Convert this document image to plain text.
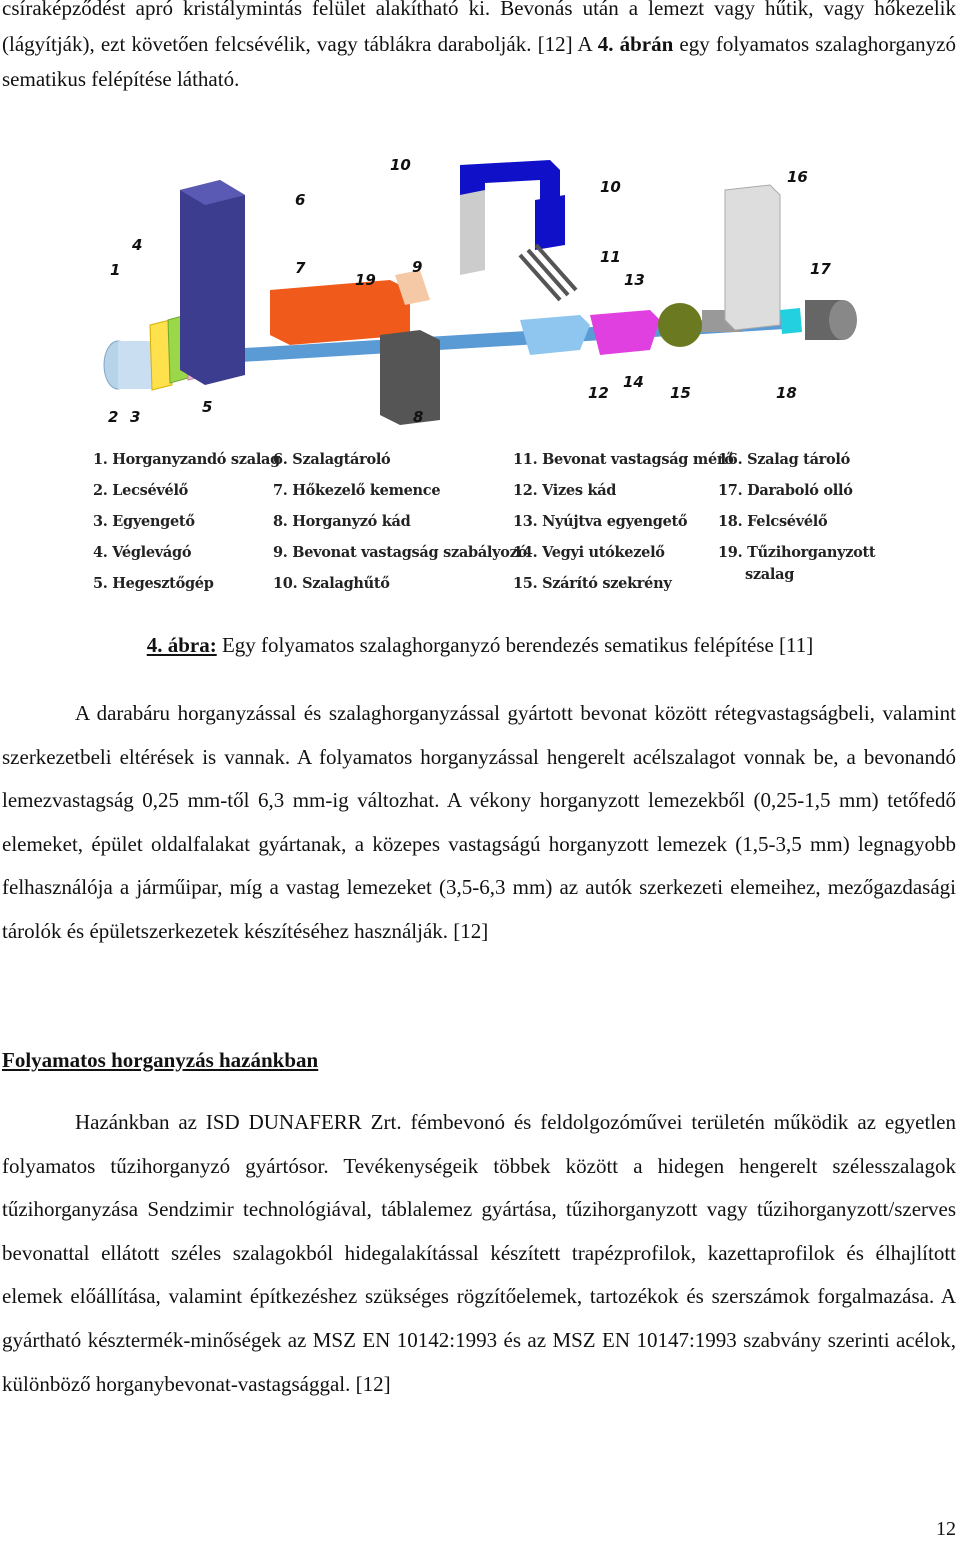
csíraképződést apró kristálymintás felület alakítható ki. Bevonás után a lemezt vagy hűtik, vagy hőkezelik (lágyítják), ezt követően felcsévélik, vagy táblákra darabolják. [12] A 4. ábrán egy folyamatos szalaghorganyzó sematikus felépítése látható.

1
2 3
4
5
6
7
8
9
10
10
11
12
13
14
15
16
17
18
19
1. Horganyzandó szalag
2. Lecsévélő
3. Egyengető
4. Véglevágó
5. Hegesztőgép
6. Szalagtároló
7. Hőkezelő kemence
8. Horganyzó kád
9. Bevonat vastagság szabályozó
10. Szalaghűtő
11. Bevonat vastagság mérő
12. Vizes kád
13. Nyújtva egyengető
14. Vegyi utókezelő
15. Szárító szekrény
16. Szalag tároló
17. Daraboló olló
18. Felcsévélő
19. Tűzihorganyzott
szalag
4. ábra: Egy folyamatos szalaghorganyzó berendezés sematikus felépítése [11]

A darabáru horganyzással és szalaghorganyzással gyártott bevonat között rétegvastagságbeli, valamint szerkezetbeli eltérések is vannak. A folyamatos horganyzással hengerelt acélszalagot vonnak be, a bevonandó lemezvastagság 0,25 mm-től 6,3 mm-ig változhat. A vékony horganyzott lemezekből (0,25-1,5 mm) tetőfedő elemeket, épület oldalfalakat gyártanak, a közepes vastagságú horganyzott lemezek (1,5-3,5 mm) legnagyobb felhasználója a járműipar, míg a vastag lemezeket (3,5-6,3 mm) az autók szerkezeti elemeihez, mezőgazdasági tárolók és épületszerkezetek készítéséhez használják. [12]

Folyamatos horganyzás hazánkban

Hazánkban az ISD DUNAFERR Zrt. fémbevonó és feldolgozóművei területén működik az egyetlen folyamatos tűzihorganyzó gyártósor. Tevékenységeik többek között a hidegen hengerelt szélesszalagok tűzihorganyzása Sendzimir technológiával, táblalemez gyártása, tűzihorganyzott vagy tűzihorganyzott/szerves bevonattal ellátott széles szalagokból hidegalakítással készített trapézprofilok, kazettaprofilok és élhajlított elemek előállítása, valamint építkezéshez szükséges rögzítőelemek, tartozékok és szerszámok forgalmazása. A gyártható késztermék-minőségek az MSZ EN 10142:1993 és az MSZ EN 10147:1993 szabvány szerinti acélok, különböző horganybevonat-vastagsággal. [12]

12
